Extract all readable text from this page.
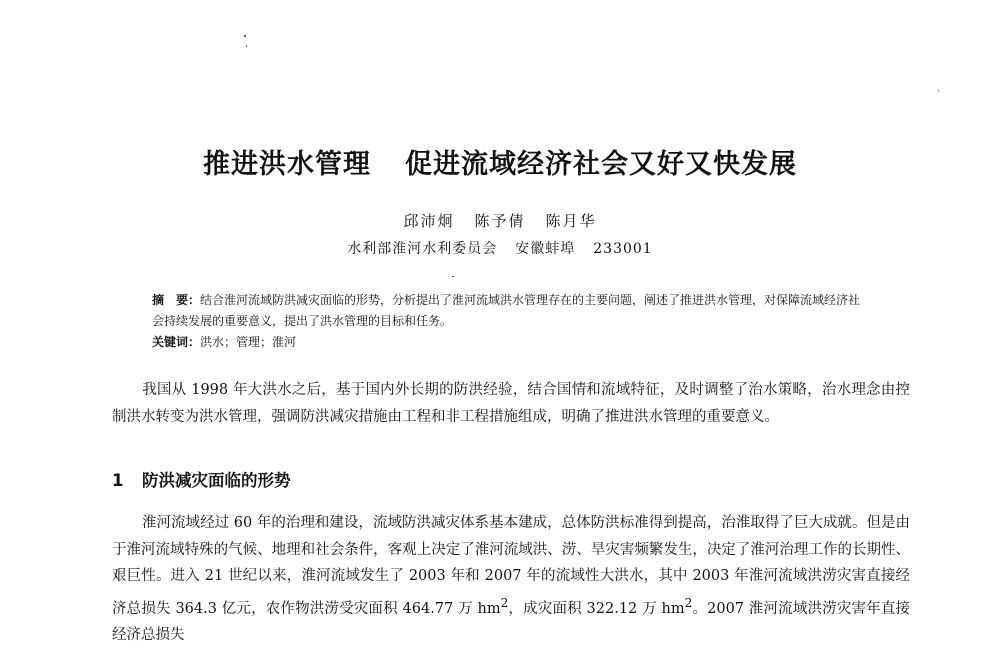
推进洪水管理 促进流域经济社会又好又快发展
邱沛炯 陈予倩 陈月华
水利部淮河水利委员会 安徽蚌埠 233001
摘　要：结合淮河流域防洪减灾面临的形势，分析提出了淮河流域洪水管理存在的主要问题，阐述了推进洪水管理，对保障流域经济社会持续发展的重要意义，提出了洪水管理的目标和任务。
关键词：洪水；管理；淮河
我国从 1998 年大洪水之后，基于国内外长期的防洪经验，结合国情和流域特征，及时调整了治水策略，治水理念由控制洪水转变为洪水管理，强调防洪减灾措施由工程和非工程措施组成，明确了推进洪水管理的重要意义。
1 防洪减灾面临的形势
淮河流域经过 60 年的治理和建设，流域防洪减灾体系基本建成，总体防洪标准得到提高，治淮取得了巨大成就。但是由于淮河流域特殊的气候、地理和社会条件，客观上决定了淮河流域洪、涝、旱灾害频繁发生，决定了淮河治理工作的长期性、艰巨性。进入 21 世纪以来，淮河流域发生了 2003 年和 2007 年的流域性大洪水，其中 2003 年淮河流域洪涝灾害直接经济总损失 364.3 亿元，农作物洪涝受灾面积 464.77 万 $hm^2$，成灾面积 322.12 万 $hm^2$。2007 淮河流域洪涝灾害年直接经济总损失
